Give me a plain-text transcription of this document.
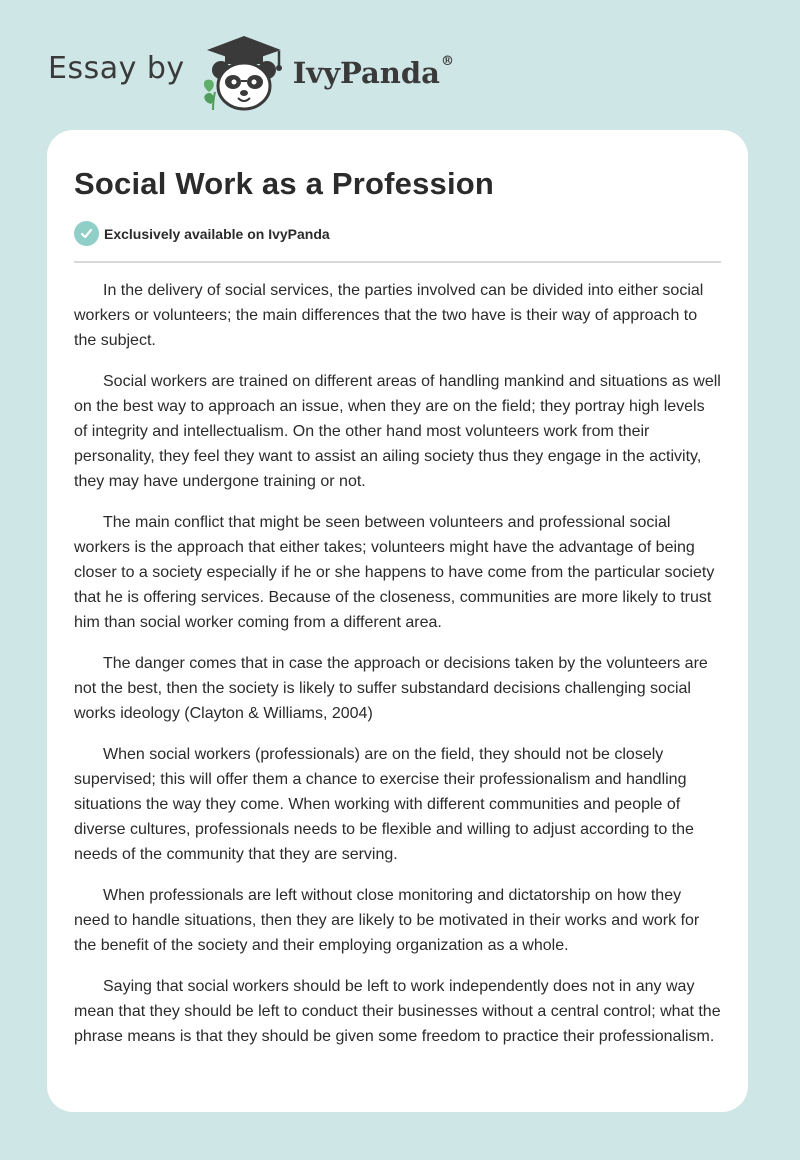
Essay by	IvyPanda®
Social Work as a Profession
Exclusively available on IvyPanda

In the delivery of social services, the parties involved can be divided into either social workers or volunteers; the main differences that the two have is their way of approach to the subject.

Social workers are trained on different areas of handling mankind and situations as well on the best way to approach an issue, when they are on the field; they portray high levels of integrity and intellectualism. On the other hand most volunteers work from their personality, they feel they want to assist an ailing society thus they engage in the activity, they may have undergone training or not.

The main conflict that might be seen between volunteers and professional social workers is the approach that either takes; volunteers might have the advantage of being closer to a society especially if he or she happens to have come from the particular society that he is offering services. Because of the closeness, communities are more likely to trust him than social worker coming from a different area.

The danger comes that in case the approach or decisions taken by the volunteers are not the best, then the society is likely to suffer substandard decisions challenging social works ideology (Clayton & Williams, 2004)

When social workers (professionals) are on the field, they should not be closely supervised; this will offer them a chance to exercise their professionalism and handling situations the way they come. When working with different communities and people of diverse cultures, professionals needs to be flexible and willing to adjust according to the needs of the community that they are serving.

When professionals are left without close monitoring and dictatorship on how they need to handle situations, then they are likely to be motivated in their works and work for the benefit of the society and their employing organization as a whole.

Saying that social workers should be left to work independently does not in any way mean that they should be left to conduct their businesses without a central control; what the phrase means is that they should be given some freedom to practice their professionalism.
